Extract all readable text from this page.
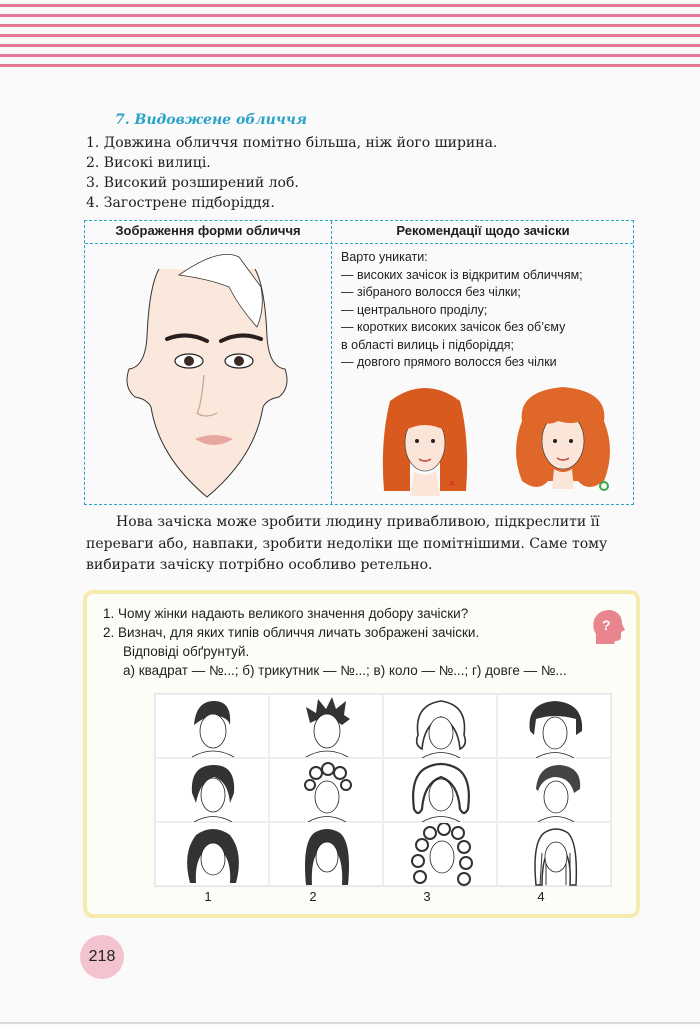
7. Видовжене обличчя
1. Довжина обличчя помітно більша, ніж його ширина.
2. Високі вилиці.
3. Високий розширений лоб.
4. Загострене підборіддя.
Зображення форми обличчя	Рекомендації щодо зачіски
Варто уникати:
— високих зачісок із відкритим обличчям;
— зібраного волосся без чілки;
— центрального проділу;
— коротких високих зачісок без об’єму
в області вилиць і підборіддя;
— довгого прямого волосся без чілки
×
Нова зачіска може зробити людину привабливою, підкреслити її
переваги або, навпаки, зробити недоліки ще помітнішими. Саме тому
вибирати зачіску потрібно особливо ретельно.
1. Чому жінки надають великого значення добору зачіски?
2. Визнач, для яких типів обличчя личать зображені зачіски.
Відповіді обґрунтуй.
а) квадрат — №...; б) трикутник — №...; в) коло — №...; г) довге — №...
?
1	2	3	4
218
